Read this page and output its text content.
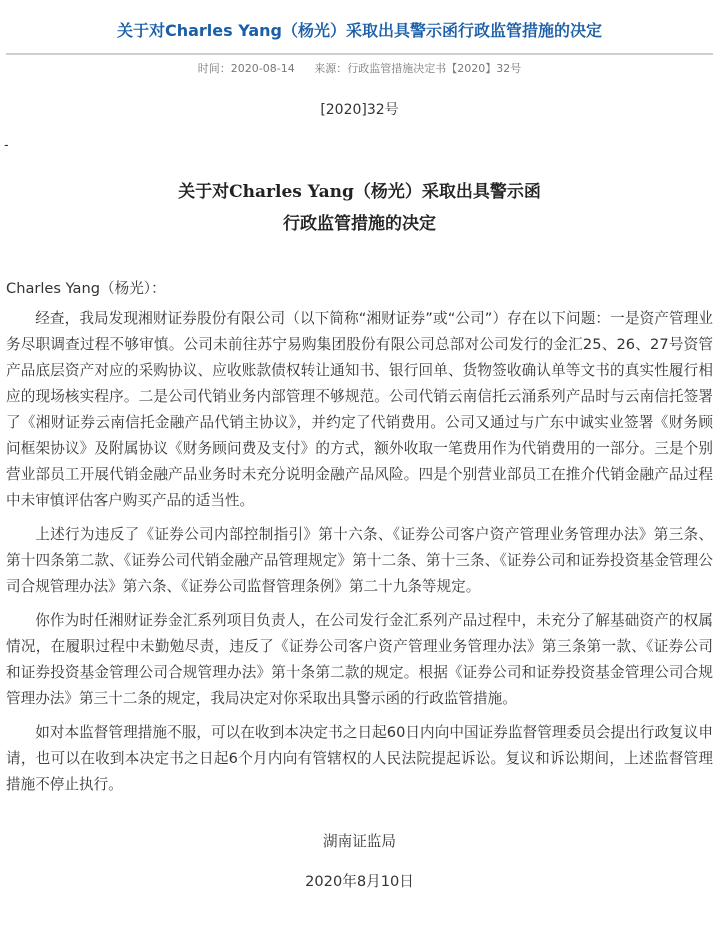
关于对Charles Yang（杨光）采取出具警示函行政监管措施的决定
时间：2020-08-14 来源：行政监管措施决定书【2020】32号
[2020]32号
-
关于对Charles Yang（杨光）采取出具警示函
行政监管措施的决定

Charles Yang（杨光）：

经查，我局发现湘财证券股份有限公司（以下简称“湘财证券”或“公司”）存在以下问题：一是资产管理业务尽职调查过程不够审慎。公司未前往苏宁易购集团股份有限公司总部对公司发行的金汇25、26、27号资管产品底层资产对应的采购协议、应收账款债权转让通知书、银行回单、货物签收确认单等文书的真实性履行相应的现场核实程序。二是公司代销业务内部管理不够规范。公司代销云南信托云涌系列产品时与云南信托签署了《湘财证券云南信托金融产品代销主协议》，并约定了代销费用。公司又通过与广东中诚实业签署《财务顾问框架协议》及附属协议《财务顾问费及支付》的方式，额外收取一笔费用作为代销费用的一部分。三是个别营业部员工开展代销金融产品业务时未充分说明金融产品风险。四是个别营业部员工在推介代销金融产品过程中未审慎评估客户购买产品的适当性。

上述行为违反了《证券公司内部控制指引》第十六条、《证券公司客户资产管理业务管理办法》第三条、第十四条第二款、《证券公司代销金融产品管理规定》第十二条、第十三条、《证券公司和证券投资基金管理公司合规管理办法》第六条、《证券公司监督管理条例》第二十九条等规定。

你作为时任湘财证券金汇系列项目负责人，在公司发行金汇系列产品过程中，未充分了解基础资产的权属情况，在履职过程中未勤勉尽责，违反了《证券公司客户资产管理业务管理办法》第三条第一款、《证券公司和证券投资基金管理公司合规管理办法》第十条第二款的规定。根据《证券公司和证券投资基金管理公司合规管理办法》第三十二条的规定，我局决定对你采取出具警示函的行政监管措施。

如对本监督管理措施不服，可以在收到本决定书之日起60日内向中国证券监督管理委员会提出行政复议申请，也可以在收到本决定书之日起6个月内向有管辖权的人民法院提起诉讼。复议和诉讼期间，上述监督管理措施不停止执行。

湖南证监局
2020年8月10日
